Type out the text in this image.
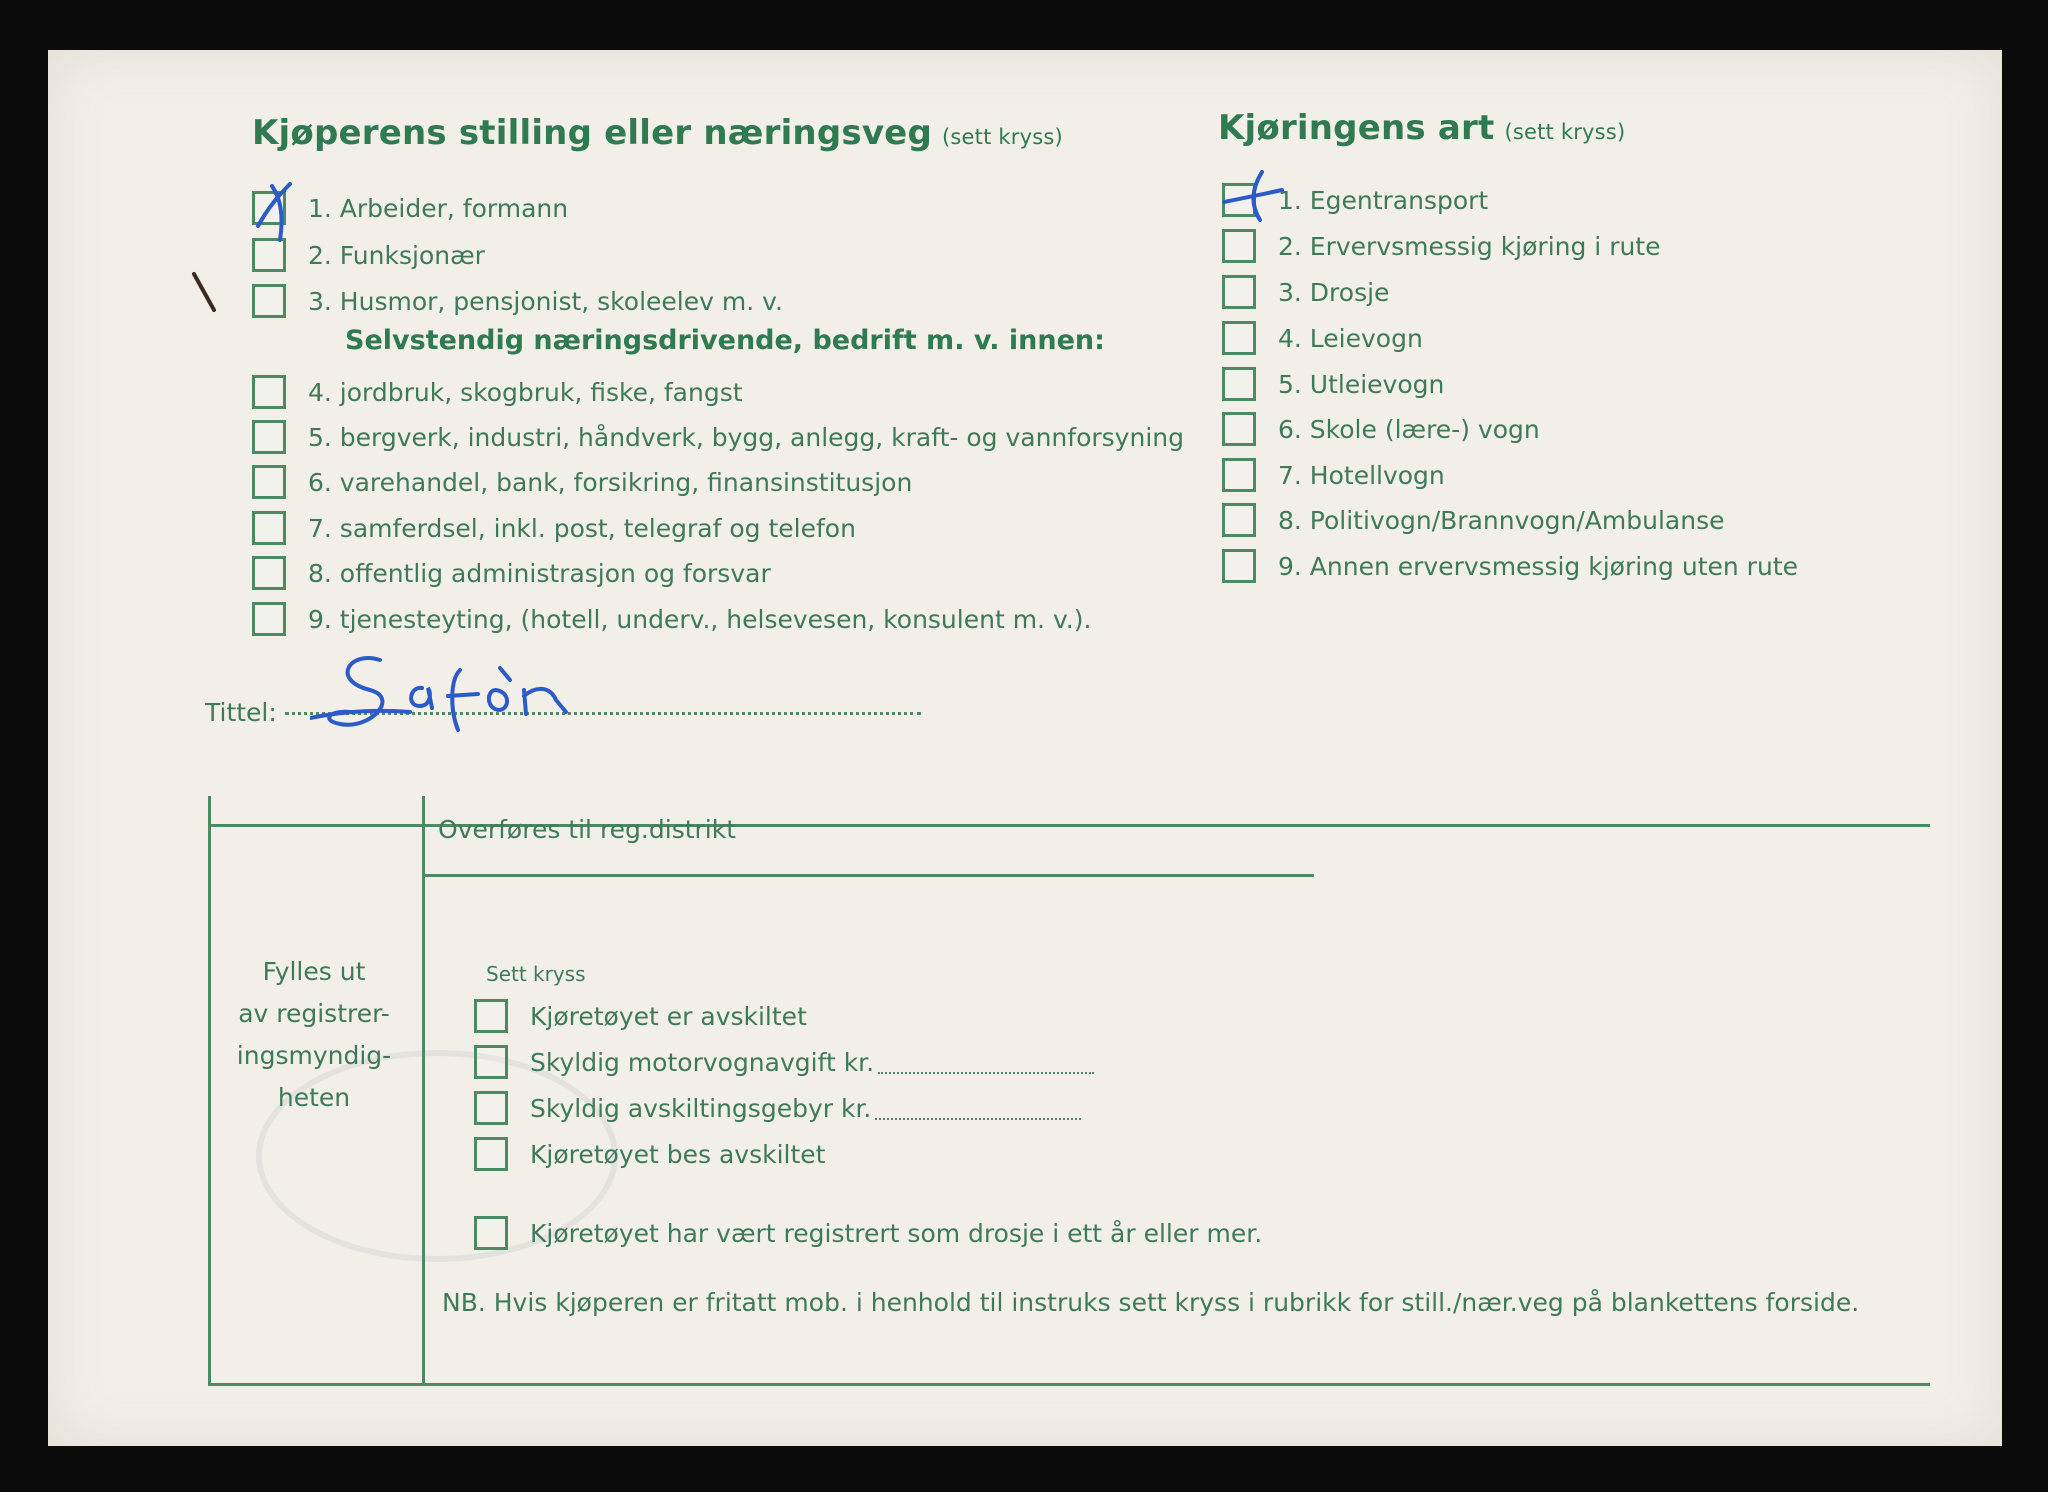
Kjøperens stilling eller næringsveg (sett kryss)
1. Arbeider, formann
2. Funksjonær
3. Husmor, pensjonist, skoleelev m. v.
Selvstendig næringsdrivende, bedrift m. v. innen:
4. jordbruk, skogbruk, fiske, fangst
5. bergverk, industri, håndverk, bygg, anlegg, kraft- og vannforsyning
6. varehandel, bank, forsikring, finansinstitusjon
7. samferdsel, inkl. post, telegraf og telefon
8. offentlig administrasjon og forsvar
9. tjenesteyting, (hotell, underv., helsevesen, konsulent m. v.).
Kjøringens art (sett kryss)
1. Egentransport
2. Ervervsmessig kjøring i rute
3. Drosje
4. Leievogn
5. Utleievogn
6. Skole (lære-) vogn
7. Hotellvogn
8. Politivogn/Brannvogn/Ambulanse
9. Annen ervervsmessig kjøring uten rute
Tittel:
Fylles ut
av registrer-
ingsmyndig-
heten
Overføres til reg.distrikt
Sett kryss
Kjøretøyet er avskiltet
Skyldig motorvognavgift kr.
Skyldig avskiltingsgebyr kr.
Kjøretøyet bes avskiltet
Kjøretøyet har vært registrert som drosje i ett år eller mer.
NB. Hvis kjøperen er fritatt mob. i henhold til instruks sett kryss i rubrikk for still./nær.veg på blankettens forside.
